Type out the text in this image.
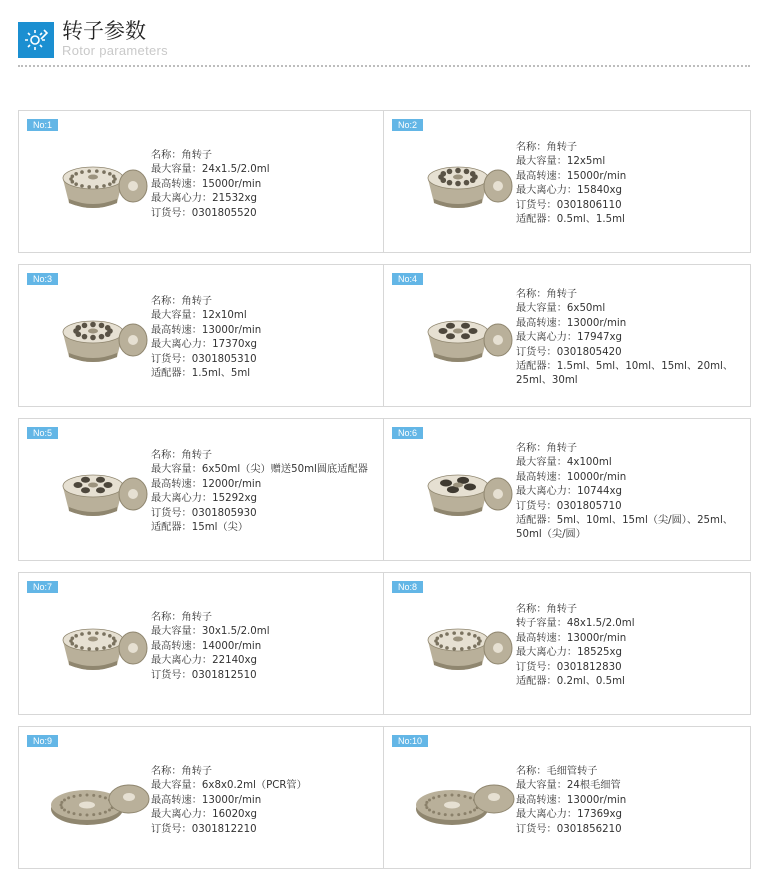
转子参数
Rotor parameters
No:1
名称：角转子
最大容量：24x1.5/2.0ml
最高转速：15000r/min
最大离心力：21532xg
订货号：0301805520
No:2
名称：角转子
最大容量：12x5ml
最高转速：15000r/min
最大离心力：15840xg
订货号：0301806110
适配器：0.5ml、1.5ml
No:3
名称：角转子
最大容量：12x10ml
最高转速：13000r/min
最大离心力：17370xg
订货号：0301805310
适配器：1.5ml、5ml
No:4
名称：角转子
最大容量：6x50ml
最高转速：13000r/min
最大离心力：17947xg
订货号：0301805420
适配器：1.5ml、5ml、10ml、15ml、20ml、
25ml、30ml
No:5
名称：角转子
最大容量：6x50ml（尖）赠送50ml圆底适配器
最高转速：12000r/min
最大离心力：15292xg
订货号：0301805930
适配器：15ml（尖）
No:6
名称：角转子
最大容量：4x100ml
最高转速：10000r/min
最大离心力：10744xg
订货号：0301805710
适配器：5ml、10ml、15ml（尖/圆）、25ml、
50ml（尖/圆）
No:7
名称：角转子
最大容量：30x1.5/2.0ml
最高转速：14000r/min
最大离心力：22140xg
订货号：0301812510
No:8
名称：角转子
转子容量：48x1.5/2.0ml
最高转速：13000r/min
最大离心力：18525xg
订货号：0301812830
适配器：0.2ml、0.5ml
No:9
名称：角转子
最大容量：6x8x0.2ml（PCR管）
最高转速：13000r/min
最大离心力：16020xg
订货号：0301812210
No:10
名称：毛细管转子
最大容量：24根毛细管
最高转速：13000r/min
最大离心力：17369xg
订货号：0301856210
